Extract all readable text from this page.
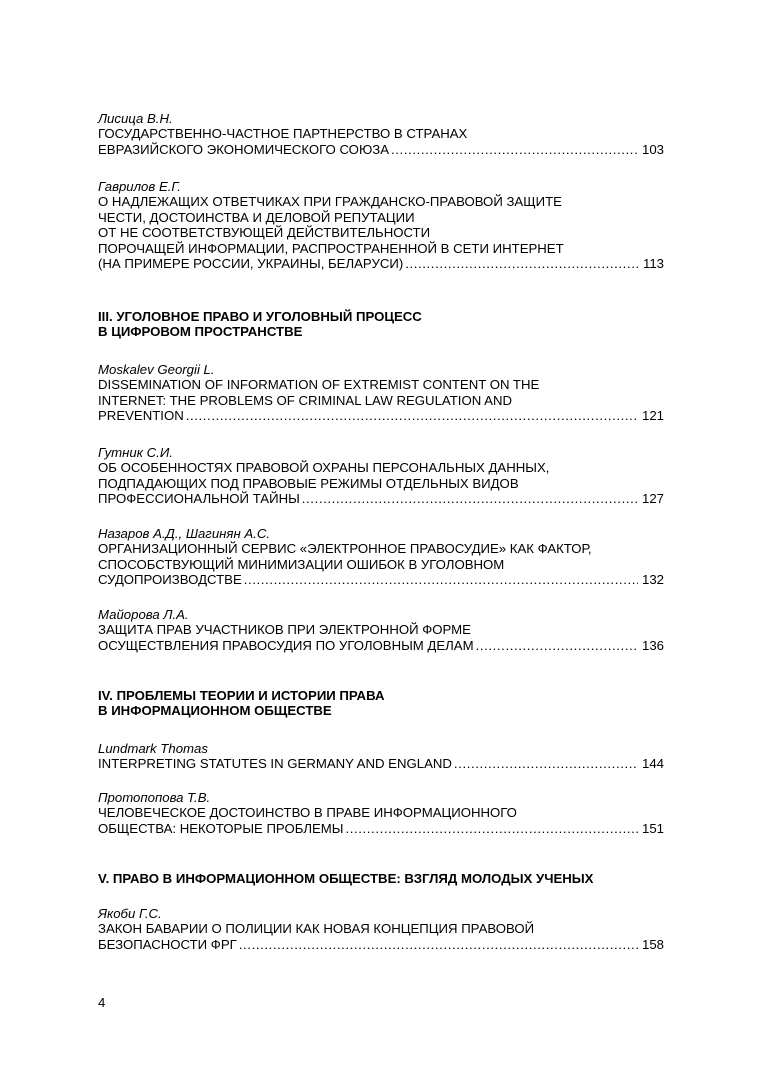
Лисица В.Н.
ГОСУДАРСТВЕННО-ЧАСТНОЕ ПАРТНЕРСТВО В СТРАНАХ
ЕВРАЗИЙСКОГО ЭКОНОМИЧЕСКОГО СОЮЗА .....	103
Гаврилов Е.Г.
О НАДЛЕЖАЩИХ ОТВЕТЧИКАХ ПРИ ГРАЖДАНСКО-ПРАВОВОЙ ЗАЩИТЕ
ЧЕСТИ, ДОСТОИНСТВА И ДЕЛОВОЙ РЕПУТАЦИИ
ОТ НЕ СООТВЕТСТВУЮЩЕЙ ДЕЙСТВИТЕЛЬНОСТИ
ПОРОЧАЩЕЙ ИНФОРМАЦИИ, РАСПРОСТРАНЕННОЙ В СЕТИ ИНТЕРНЕТ
(НА ПРИМЕРЕ РОССИИ, УКРАИНЫ, БЕЛАРУСИ) .....	113
III. УГОЛОВНОЕ ПРАВО И УГОЛОВНЫЙ ПРОЦЕСС
В ЦИФРОВОМ ПРОСТРАНСТВЕ
Moskalev Georgii L.
DISSEMINATION OF INFORMATION OF EXTREMIST CONTENT ON THE
INTERNET: THE PROBLEMS OF CRIMINAL LAW REGULATION AND
PREVENTION .....	121
Гутник С.И.
ОБ ОСОБЕННОСТЯХ ПРАВОВОЙ ОХРАНЫ ПЕРСОНАЛЬНЫХ ДАННЫХ,
ПОДПАДАЮЩИХ ПОД ПРАВОВЫЕ РЕЖИМЫ ОТДЕЛЬНЫХ ВИДОВ
ПРОФЕССИОНАЛЬНОЙ ТАЙНЫ .....	127
Назаров А.Д., Шагинян А.С.
ОРГАНИЗАЦИОННЫЙ СЕРВИС «ЭЛЕКТРОННОЕ ПРАВОСУДИЕ» КАК ФАКТОР,
СПОСОБСТВУЮЩИЙ МИНИМИЗАЦИИ ОШИБОК В УГОЛОВНОМ
СУДОПРОИЗВОДСТВЕ .....	132
Майорова Л.А.
ЗАЩИТА ПРАВ УЧАСТНИКОВ ПРИ ЭЛЕКТРОННОЙ ФОРМЕ
ОСУЩЕСТВЛЕНИЯ ПРАВОСУДИЯ ПО УГОЛОВНЫМ ДЕЛАМ .....	136
IV. ПРОБЛЕМЫ ТЕОРИИ И ИСТОРИИ ПРАВА
В ИНФОРМАЦИОННОМ ОБЩЕСТВЕ
Lundmark Thomas
INTERPRETING STATUTES IN GERMANY AND ENGLAND .....	144
Протопопова Т.В.
ЧЕЛОВЕЧЕСКОЕ ДОСТОИНСТВО В ПРАВЕ ИНФОРМАЦИОННОГО
ОБЩЕСТВА: НЕКОТОРЫЕ ПРОБЛЕМЫ .....	151
V. ПРАВО В ИНФОРМАЦИОННОМ ОБЩЕСТВЕ: ВЗГЛЯД МОЛОДЫХ УЧЕНЫХ
Якоби Г.С.
ЗАКОН БАВАРИИ О ПОЛИЦИИ КАК НОВАЯ КОНЦЕПЦИЯ ПРАВОВОЙ
БЕЗОПАСНОСТИ ФРГ .....	158
4
